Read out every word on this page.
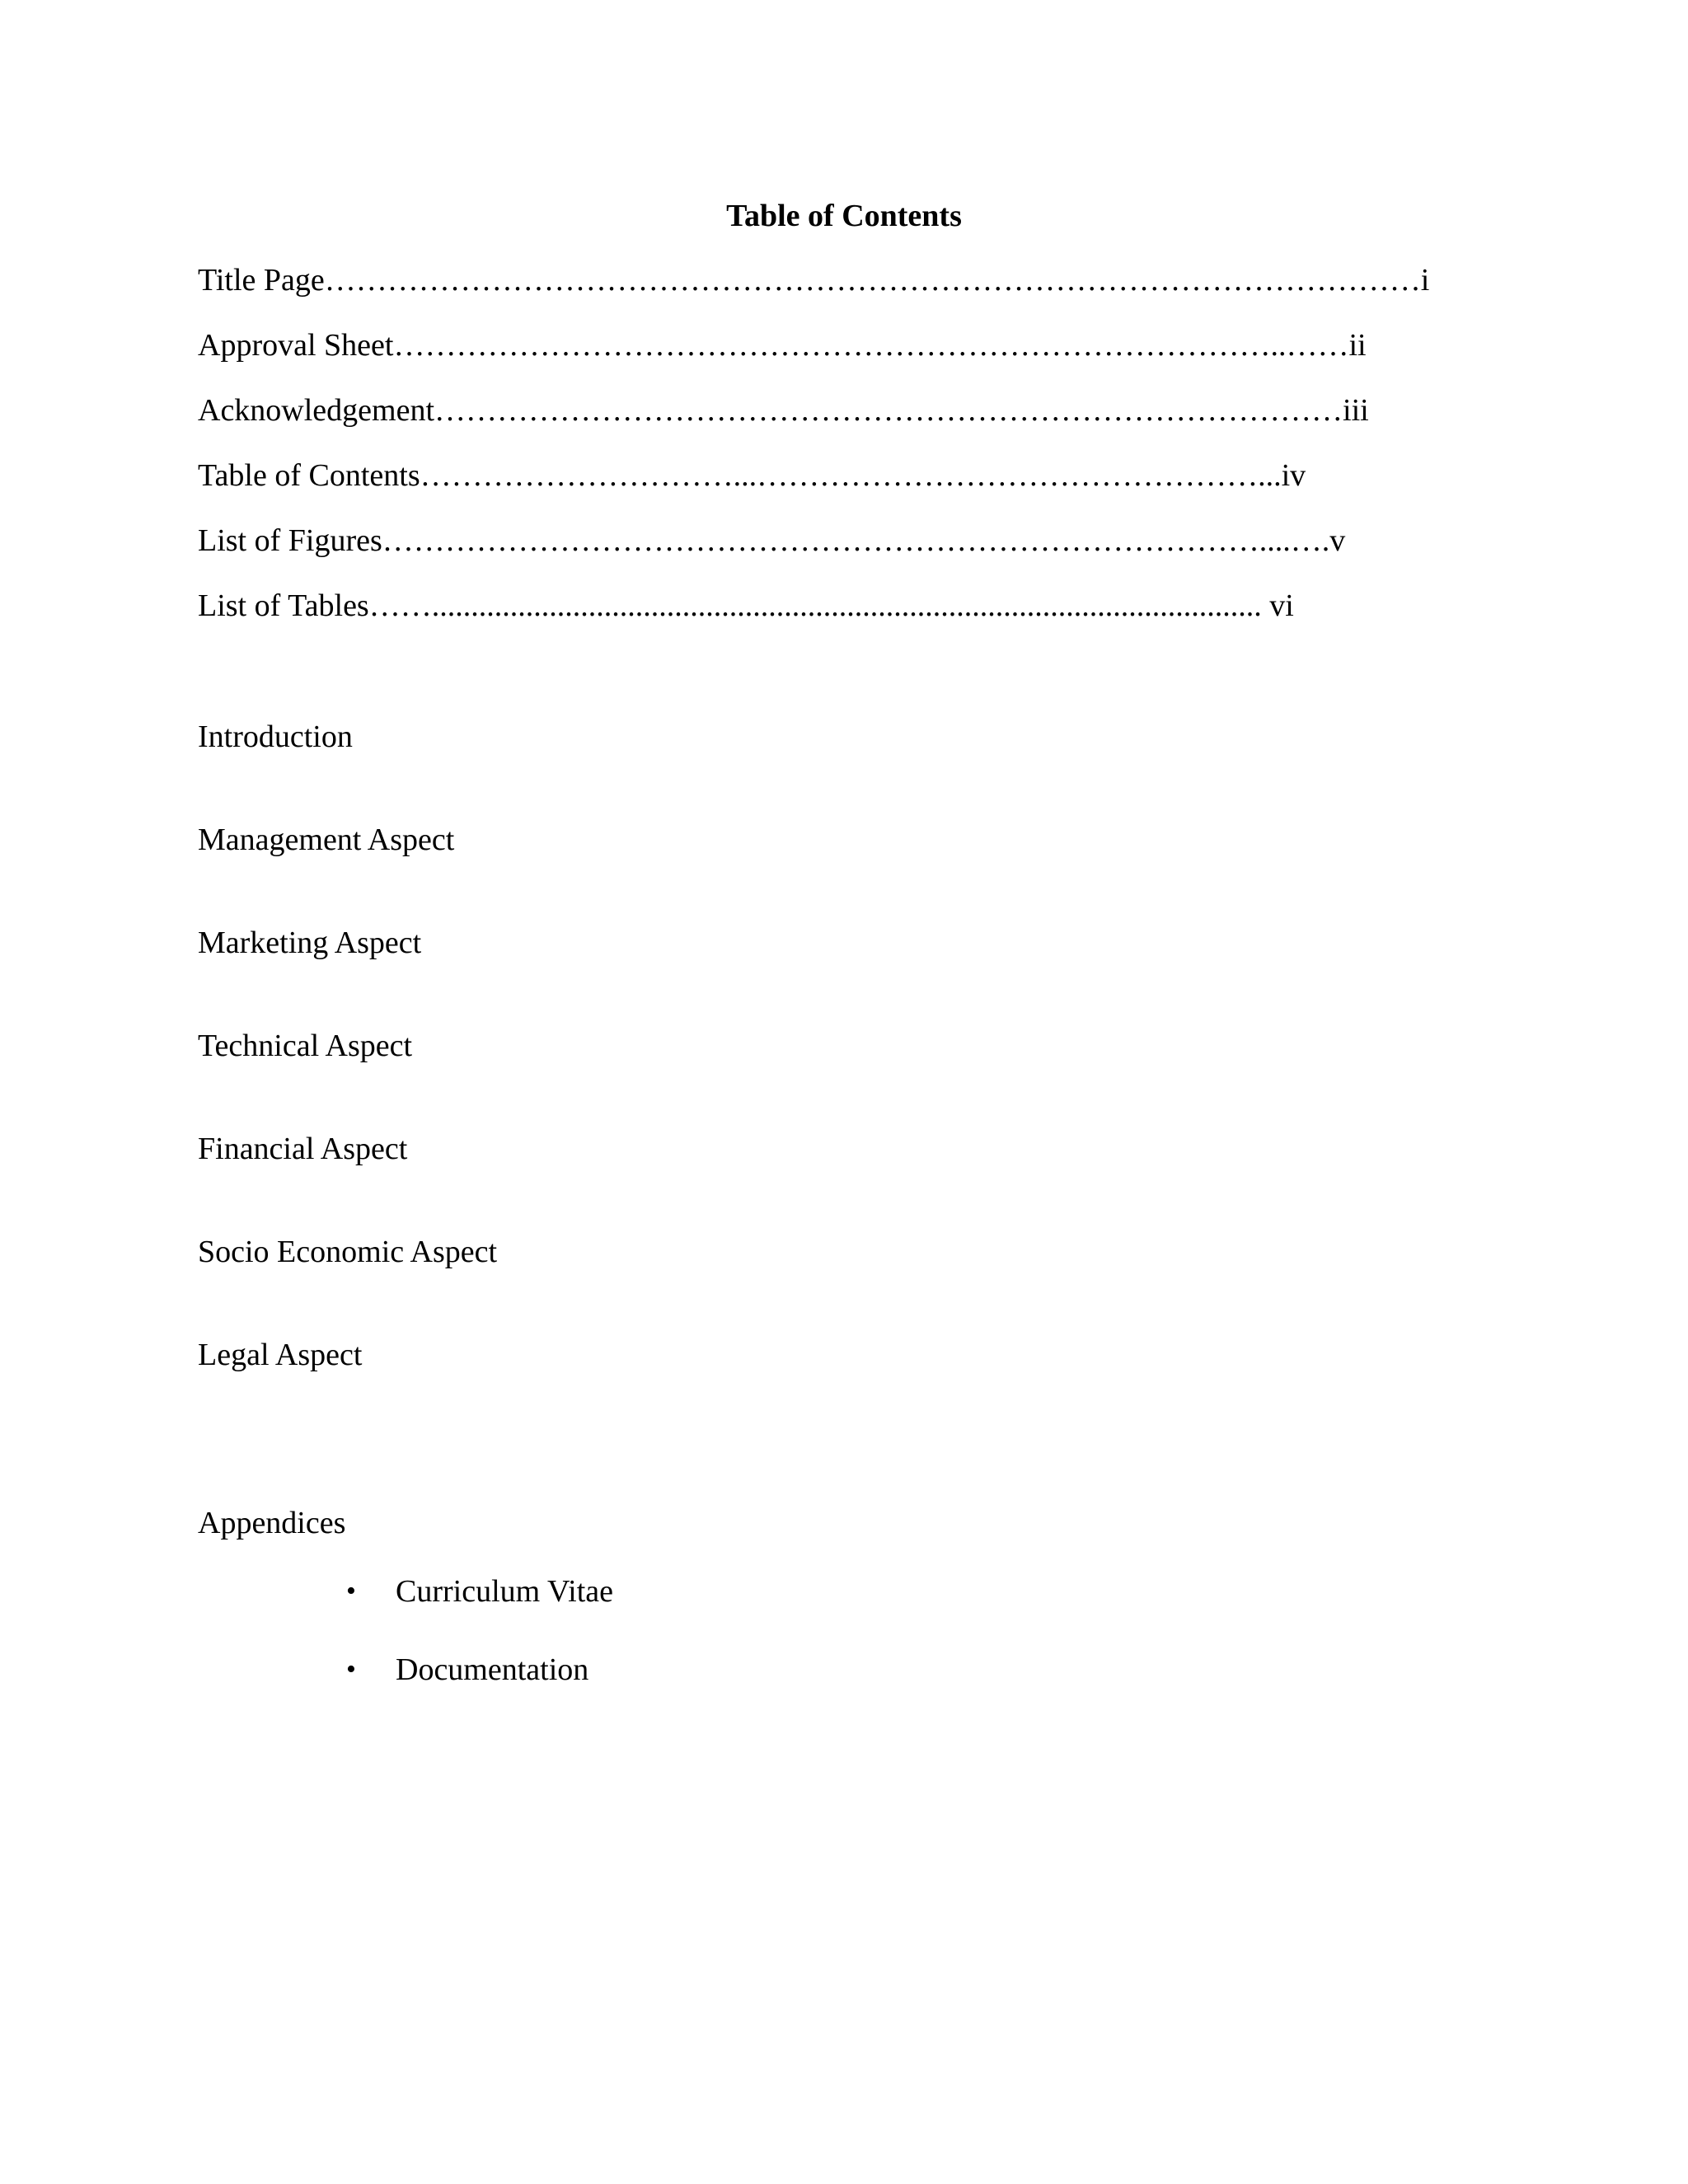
Table of Contents
Title Page……………………………………………………………………………………………i
Approval Sheet…………………………………………………………………………..……ii
Acknowledgement……………………………………………………………………………iii
Table of Contents…………………………...…………………………………………...iv
List of Figures…………………………………………………………………………....….v
List of Tables…….......................................................................................................... vi
Introduction
Management Aspect
Marketing Aspect
Technical Aspect
Financial Aspect
Socio Economic Aspect
Legal Aspect
Appendices
• Curriculum Vitae
• Documentation
